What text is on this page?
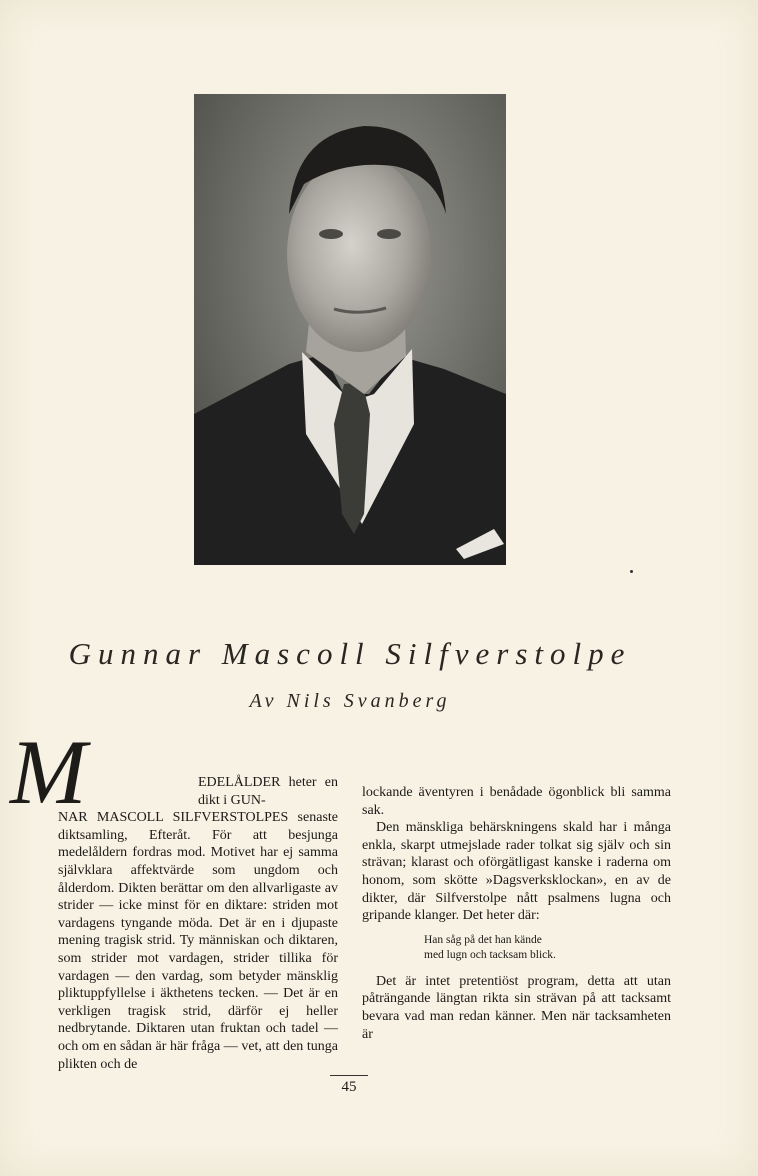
Gunnar Mascoll Silfverstolpe
Av Nils Svanberg
M	EDELÅLDER heter en dikt i GUN-

NAR MASCOLL SILFVERSTOLPES senaste diktsamling, Efteråt. För att besjunga medelåldern fordras mod. Motivet har ej samma självklara affektvärde som ungdom och ålderdom. Dikten berättar om den allvarligaste av strider — icke minst för en diktare: striden mot vardagens tyngande möda. Det är en i djupaste mening tragisk strid. Ty människan och diktaren, som strider mot vardagen, strider tillika för vardagen — den vardag, som betyder mänsklig pliktuppfyllelse i äkthetens tecken. — Det är en verkligen tragisk strid, därför ej heller nedbrytande. Diktaren utan fruktan och tadel — och om en sådan är här fråga — vet, att den tunga plikten och de

lockande äventyren i benådade ögonblick bli samma sak.

Den mänskliga behärskningens skald har i många enkla, skarpt utmejslade rader tolkat sig själv och sin strävan; klarast och oförgätligast kanske i raderna om honom, som skötte »Dagsverksklockan», en av de dikter, där Silfverstolpe nått psalmens lugna och gripande klanger. Det heter där:

Han såg på det han kände
med lugn och tacksam blick.

Det är intet pretentiöst program, detta att utan påträngande längtan rikta sin strävan på att tacksamt bevara vad man redan känner. Men när tacksamheten är

45
